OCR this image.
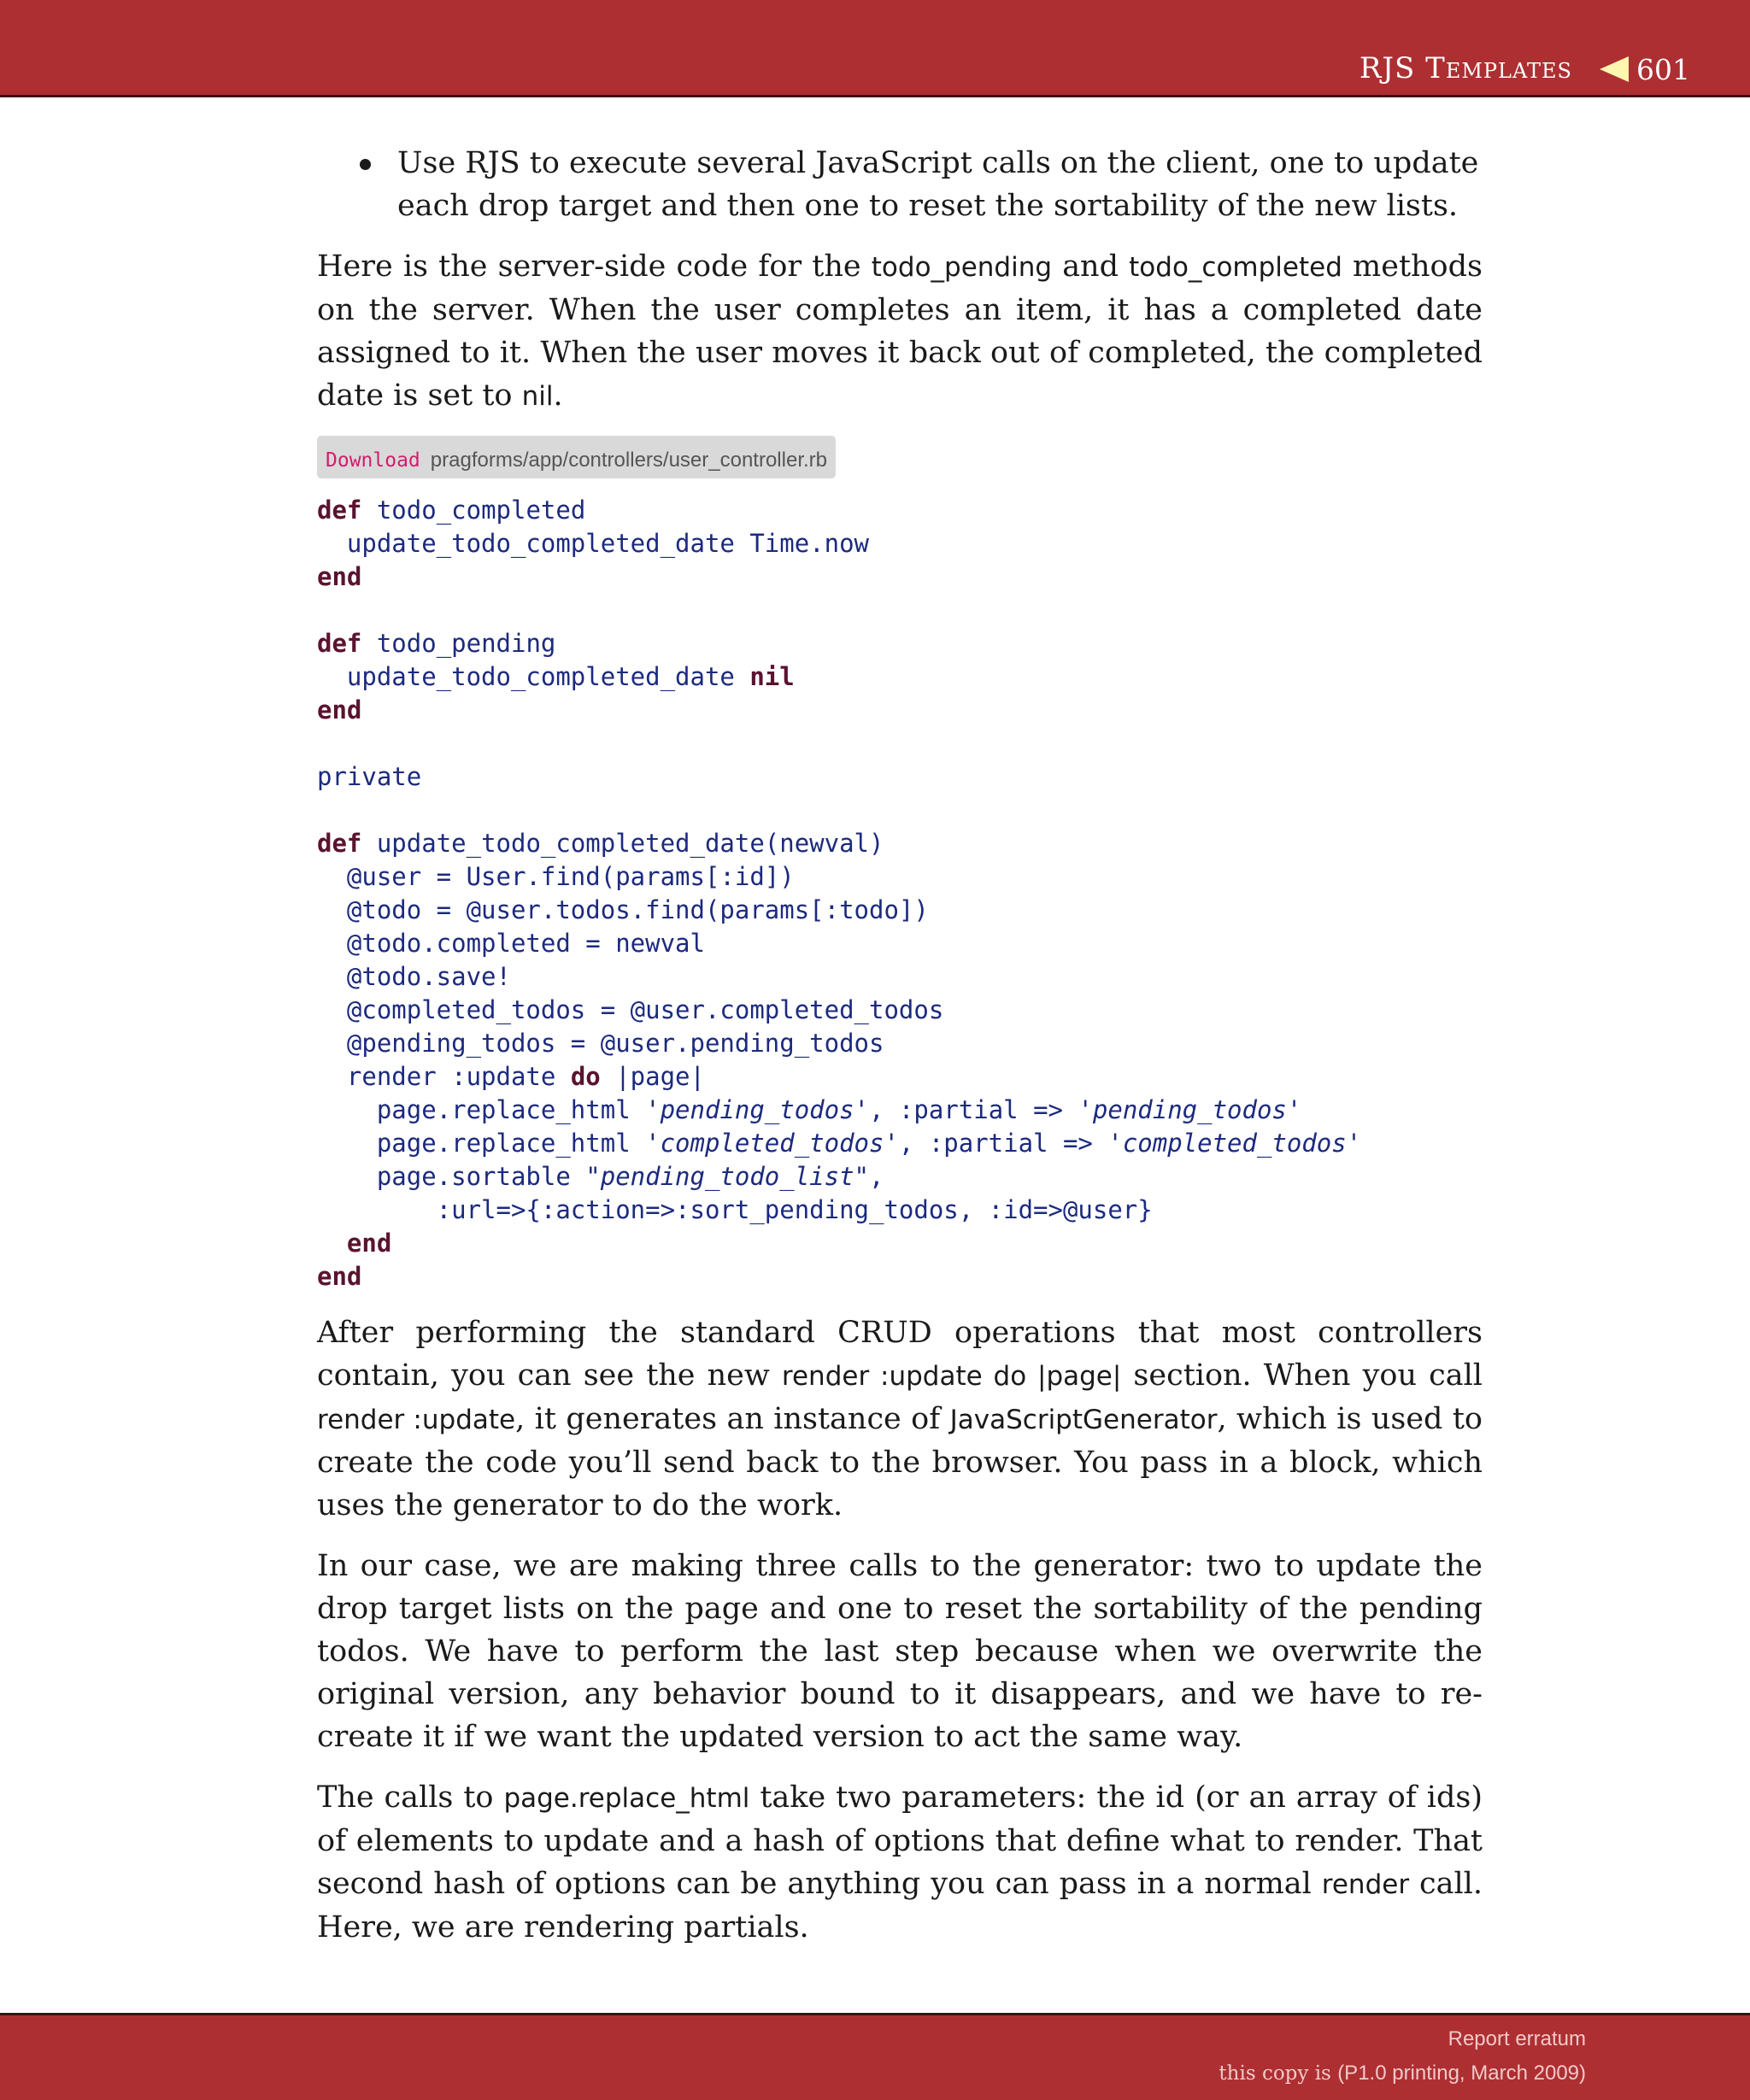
RJS Templates 601
Use RJS to execute several JavaScript calls on the client, one to update
each drop target and then one to reset the sortability of the new lists.

Here is the server-side code for the todo_pending and todo_completed methods on the server. When the user completes an item, it has a completed date assigned to it. When the user moves it back out of completed, the completed date is set to nil.

Download pragforms/app/controllers/user_controller.rb
def todo_completed
update_todo_completed_date Time.now
end

def todo_pending
update_todo_completed_date nil
end

private

def update_todo_completed_date(newval)
@user = User.find(params[:id])
@todo = @user.todos.find(params[:todo])
@todo.completed = newval
@todo.save!
@completed_todos = @user.completed_todos
@pending_todos = @user.pending_todos
render :update do |page|
page.replace_html 'pending_todos', :partial => 'pending_todos'
page.replace_html 'completed_todos', :partial => 'completed_todos'
page.sortable "pending_todo_list",
:url=>{:action=>:sort_pending_todos, :id=>@user}
end
end

After performing the standard CRUD operations that most controllers contain, you can see the new render :update do |page| section. When you call render :update, it generates an instance of JavaScriptGenerator, which is used to create the code you’ll send back to the browser. You pass in a block, which uses the generator to do the work.

In our case, we are making three calls to the generator: two to update the drop target lists on the page and one to reset the sortability of the pending todos. We have to perform the last step because when we overwrite the original version, any behavior bound to it disappears, and we have to re-create it if we want the updated version to act the same way.

The calls to page.replace_html take two parameters: the id (or an array of ids) of elements to update and a hash of options that define what to render. That second hash of options can be anything you can pass in a normal render call. Here, we are rendering partials.

Report erratum
this copy is (P1.0 printing, March 2009)
